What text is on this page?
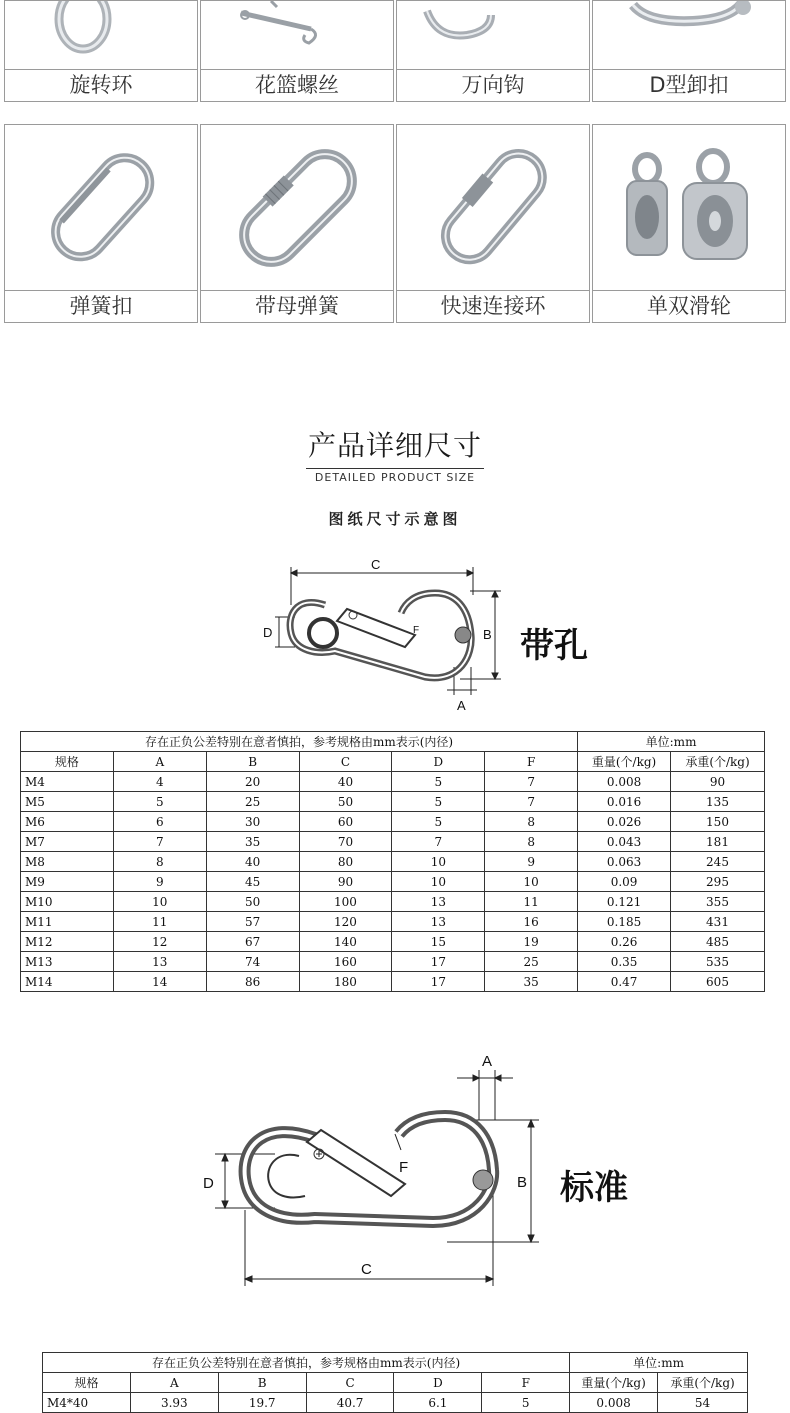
旋转环	花篮螺丝	万向钩	D型卸扣
弹簧扣	带母弹簧	快速连接环	单双滑轮
产品详细尺寸
DETAILED PRODUCT SIZE
图纸尺寸示意图
C
B
D
A
F	带孔
存在正负公差特别在意者慎拍，参考规格由mm表示(内径)						单位:mm	
规格	A	B	C	D	F	重量(个/kg)	承重(个/kg)
M4	4	20	40	5	7	0.008	90
M5	5	25	50	5	7	0.016	135
M6	6	30	60	5	8	0.026	150
M7	7	35	70	7	8	0.043	181
M8	8	40	80	10	9	0.063	245
M9	9	45	90	10	10	0.09	295
M10	10	50	100	13	11	0.121	355
M11	11	57	120	13	16	0.185	431
M12	12	67	140	15	19	0.26	485
M13	13	74	160	17	25	0.35	535
M14	14	86	180	17	35	0.47	605
A
B
C
D
F
标准
存在正负公差特别在意者慎拍，参考规格由mm表示(内径)						单位:mm	
规格	A	B	C	D	F	重量(个/kg)	承重(个/kg)
M4*40	3.93	19.7	40.7	6.1	5	0.008	54
